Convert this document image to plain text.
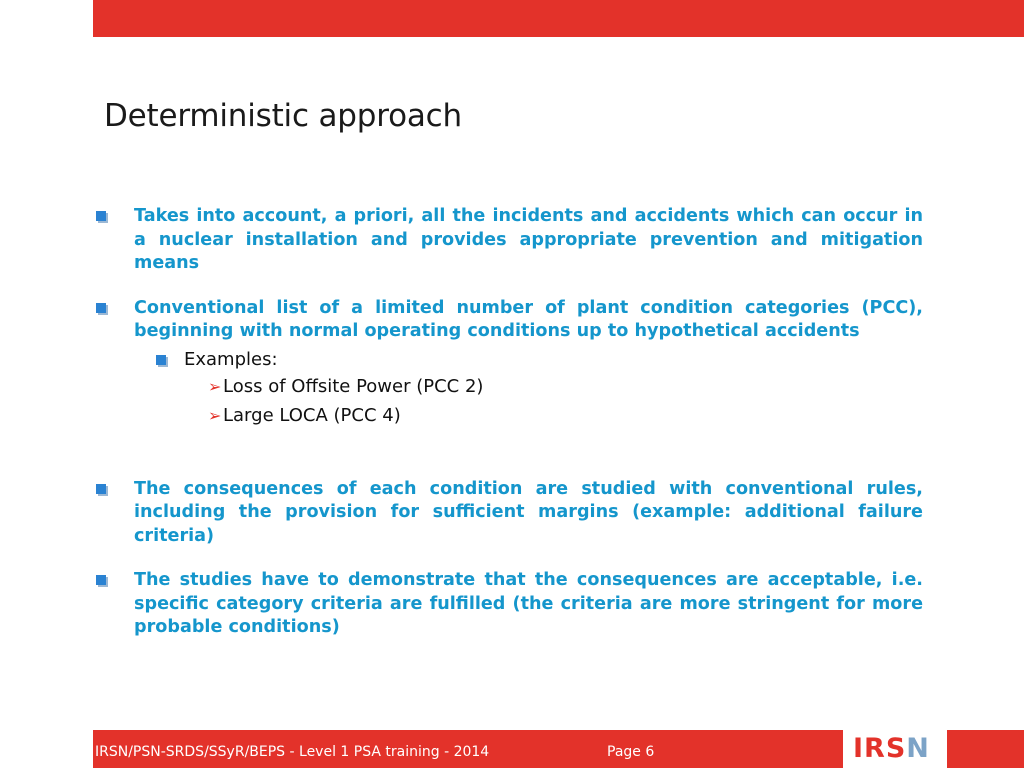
Deterministic approach
Takes into account, a priori, all the incidents and accidents which can occur in a nuclear installation and provides appropriate prevention and mitigation means
Conventional list of a limited number of plant condition categories (PCC), beginning with normal operating conditions up to hypothetical accidents
Examples:
➢ Loss of Offsite Power (PCC 2)
➢ Large LOCA (PCC 4)
The consequences of each condition are studied with conventional rules, including the provision for sufficient margins (example: additional failure criteria)
The studies have to demonstrate that the consequences are acceptable, i.e. specific category criteria are fulfilled (the criteria are more stringent for more probable conditions)
IRSN/PSN-SRDS/SSyR/BEPS - Level 1 PSA training - 2014	Page 6	IRSN
